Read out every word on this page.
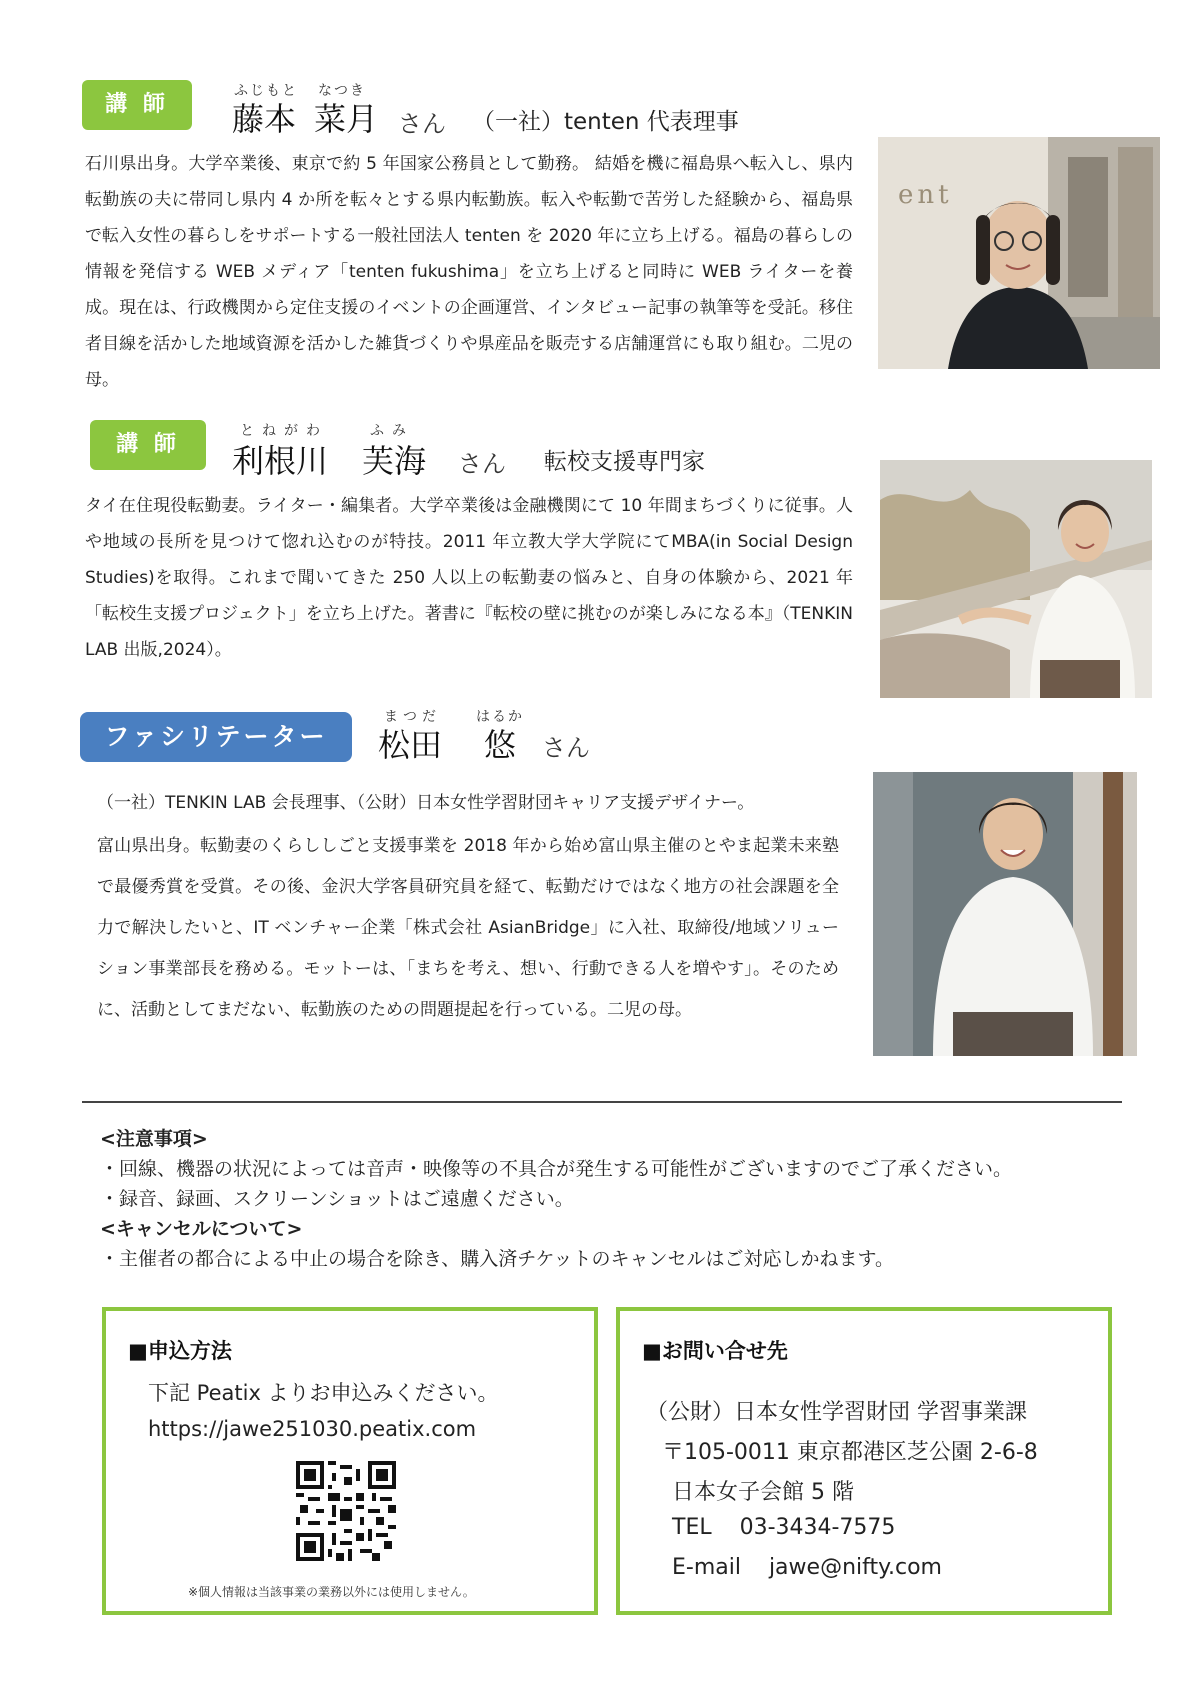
講 師
ふじもと なつき
藤本 菜月 さん （一社）tenten 代表理事

石川県出身。大学卒業後、東京で約 5 年国家公務員として勤務。 結婚を機に福島県へ転入し、県内転勤族の夫に帯同し県内 4 か所を転々とする県内転勤族。転入や転勤で苦労した経験から、福島県で転入女性の暮らしをサポートする一般社団法人 tenten を 2020 年に立ち上げる。福島の暮らしの情報を発信する WEB メディア「tenten fukushima」を立ち上げると同時に WEB ライターを養成。現在は、行政機関から定住支援のイベントの企画運営、インタビュー記事の執筆等を受託。移住者目線を活かした地域資源を活かした雑貨づくりや県産品を販売する店舗運営にも取り組む。二児の母。

ent
講 師
とねがわ	ふみ
利根川 芙海 さん 転校支援専門家

タイ在住現役転勤妻。ライター・編集者。大学卒業後は金融機関にて 10 年間まちづくりに従事。人や地域の長所を見つけて惚れ込むのが特技。2011 年立教大学大学院にてMBA(in Social Design Studies)を取得。これまで聞いてきた 250 人以上の転勤妻の悩みと、自身の体験から、2021 年「転校生支援プロジェクト」を立ち上げた。著書に『転校の壁に挑むのが楽しみになる本』（TENKIN LAB 出版,2024）。

ファシリテーター
まつだ	はるか
松田 悠 さん
（一社）TENKIN LAB 会長理事、（公財）日本女性学習財団キャリア支援デザイナー。

富山県出身。転勤妻のくらししごと支援事業を 2018 年から始め富山県主催のとやま起業未来塾で最優秀賞を受賞。その後、金沢大学客員研究員を経て、転勤だけではなく地方の社会課題を全力で解決したいと、IT ベンチャー企業「株式会社 AsianBridge」に入社、取締役/地域ソリューション事業部長を務める。モットーは、「まちを考え、想い、行動できる人を増やす」。そのために、活動としてまだない、転勤族のための問題提起を行っている。二児の母。

<注意事項>
・回線、機器の状況によっては音声・映像等の不具合が発生する可能性がございますのでご了承ください。
・録音、録画、スクリーンショットはご遠慮ください。
<キャンセルについて>
・主催者の都合による中止の場合を除き、購入済チケットのキャンセルはご対応しかねます。
■申込方法
下記 Peatix よりお申込みください。
https://jawe251030.peatix.com
※個人情報は当該事業の業務以外には使用しません。
■お問い合せ先
（公財）日本女性学習財団 学習事業課
〒105-0011 東京都港区芝公園 2-6-8
日本女子会館 5 階
TEL    03-3434-7575
E-mail    jawe@nifty.com
